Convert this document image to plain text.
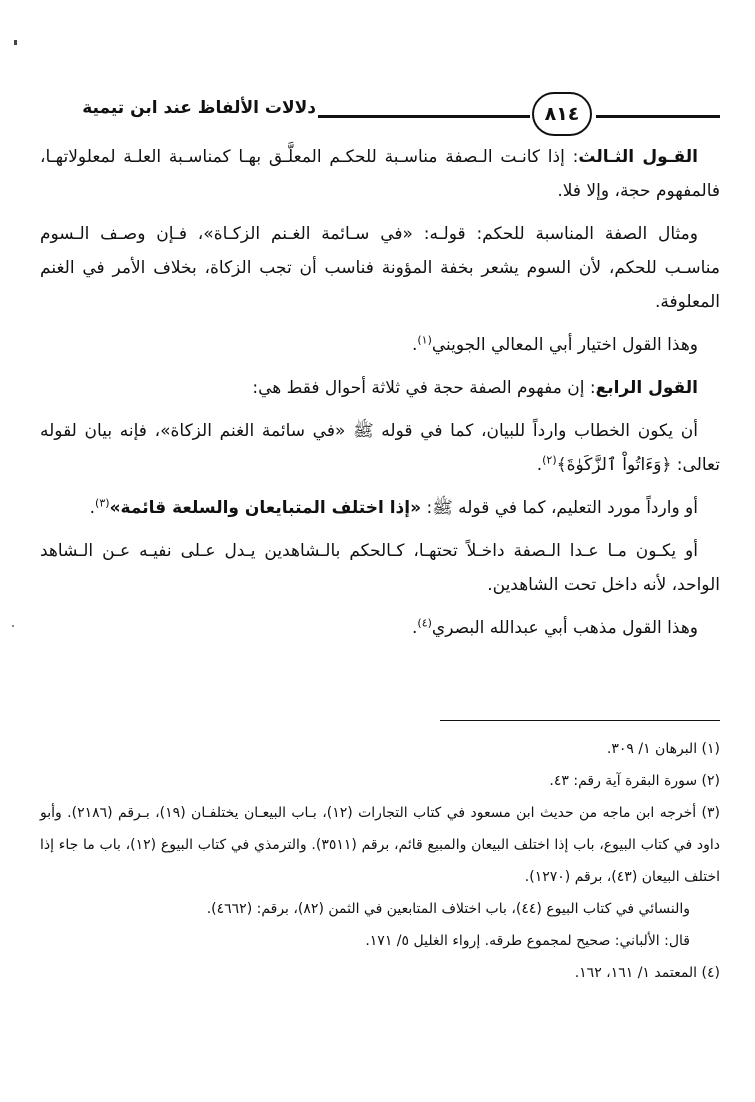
٨١٤
دلالات الألفاظ عند ابن تيمية

القـول الثـالث: إذا كانـت الـصفة مناسـبة للحكـم المعلَّـق بهـا كمناسـبة العلـة لمعلولاتهـا، فالمفهوم حجة، وإلا فلا.

ومثال الصفة المناسبة للحكم: قولـه: «في سـائمة الغـنم الزكـاة»، فـإن وصـف الـسوم مناسـب للحكم، لأن السوم يشعر بخفة المؤونة فناسب أن تجب الزكاة، بخلاف الأمر في الغنم المعلوفة.

وهذا القول اختيار أبي المعالي الجويني$^{(١)}$.

القول الرابع: إن مفهوم الصفة حجة في ثلاثة أحوال فقط هي:

أن يكون الخطاب وارداً للبيان، كما في قوله ﷺ «في سائمة الغنم الزكاة»، فإنه بيان لقوله تعالى: ﴿وَءَاتُواْ ٱلزَّكَوٰةَ﴾$^{(٢)}$.

أو وارداً مورد التعليم، كما في قوله ﷺ: «إذا اختلف المتبايعان والسلعة قائمة»$^{(٣)}$.

أو يكـون مـا عـدا الـصفة داخـلاً تحتهـا، كـالحكم بالـشاهدين يـدل عـلى نفيـه عـن الـشاهد الواحد، لأنه داخل تحت الشاهدين.

وهذا القول مذهب أبي عبدالله البصري$^{(٤)}$.

(١) البرهان ١/ ٣٠٩.

(٢) سورة البقرة آية رقم: ٤٣.

(٣) أخرجه ابن ماجه من حديث ابن مسعود في كتاب التجارات (١٢)، بـاب البيعـان يختلفـان (١٩)، بـرقم (٢١٨٦). وأبو داود في كتاب البيوع، باب إذا اختلف البيعان والمبيع قائم، برقم (٣٥١١). والترمذي في كتاب البيوع (١٢)، باب ما جاء إذا اختلف البيعان (٤٣)، برقم (١٢٧٠).

والنسائي في كتاب البيوع (٤٤)، باب اختلاف المتابعين في الثمن (٨٢)، برقم: (٤٦٦٢).

قال: الألباني: صحيح لمجموع طرقه. إرواء الغليل ٥/ ١٧١.

(٤) المعتمد ١/ ١٦١، ١٦٢.
